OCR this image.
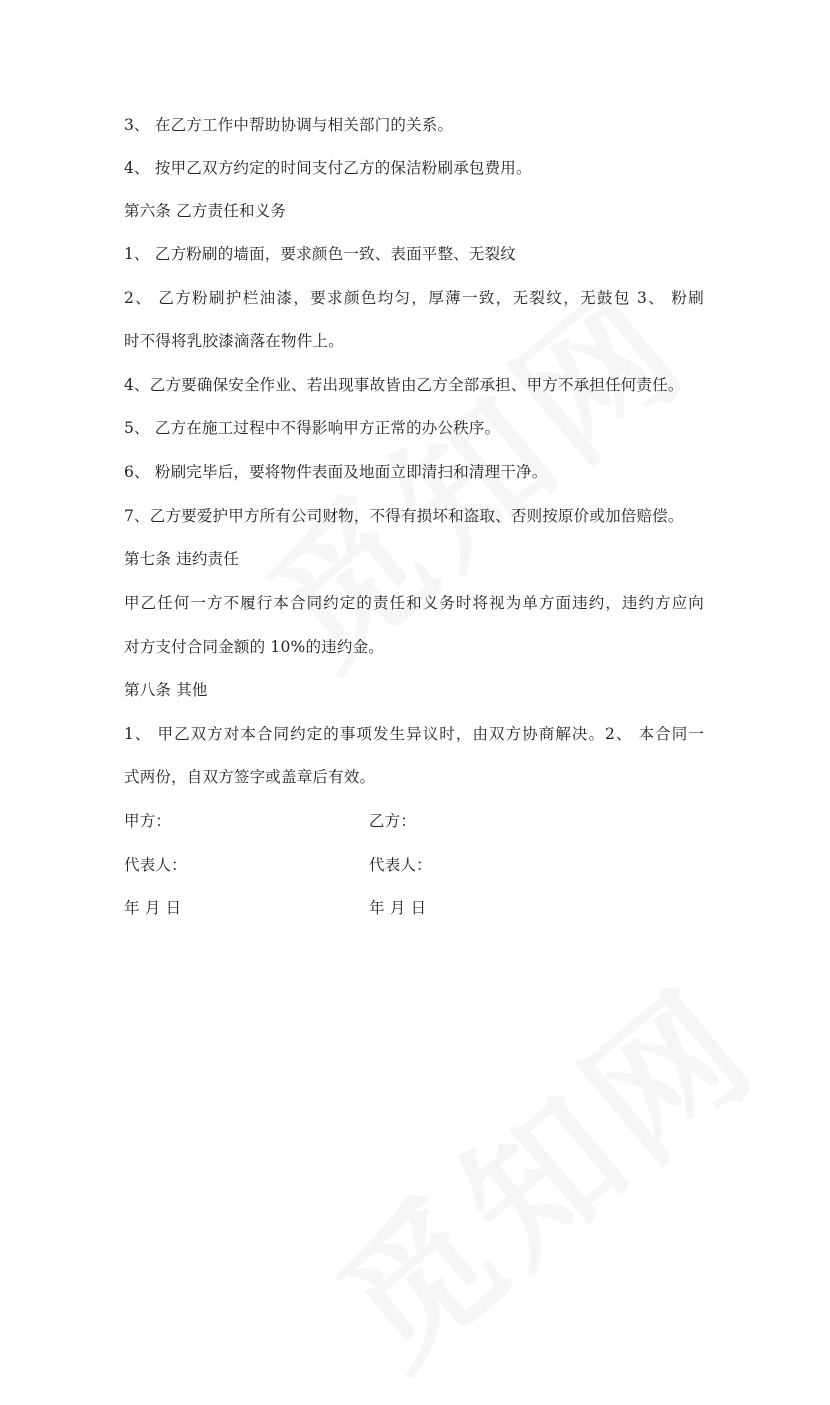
3、 在乙方工作中帮助协调与相关部门的关系。
4、 按甲乙双方约定的时间支付乙方的保洁粉刷承包费用。
第六条 乙方责任和义务
1、 乙方粉刷的墙面，要求颜色一致、表面平整、无裂纹
2、 乙方粉刷护栏油漆，要求颜色均匀，厚薄一致，无裂纹，无鼓包 3、 粉刷
时不得将乳胶漆滴落在物件上。
4、乙方要确保安全作业、若出现事故皆由乙方全部承担、甲方不承担任何责任。
5、 乙方在施工过程中不得影响甲方正常的办公秩序。
6、 粉刷完毕后，要将物件表面及地面立即清扫和清理干净。
7、乙方要爱护甲方所有公司财物，不得有损坏和盗取、否则按原价或加倍赔偿。
第七条 违约责任
甲乙任何一方不履行本合同约定的责任和义务时将视为单方面违约，违约方应向
对方支付合同金额的 10%的违约金。
第八条 其他
1、 甲乙双方对本合同约定的事项发生异议时，由双方协商解决。2、 本合同一
式两份，自双方签字或盖章后有效。
甲方：	乙方：
代表人：	代表人：
年 月 日	年 月 日
